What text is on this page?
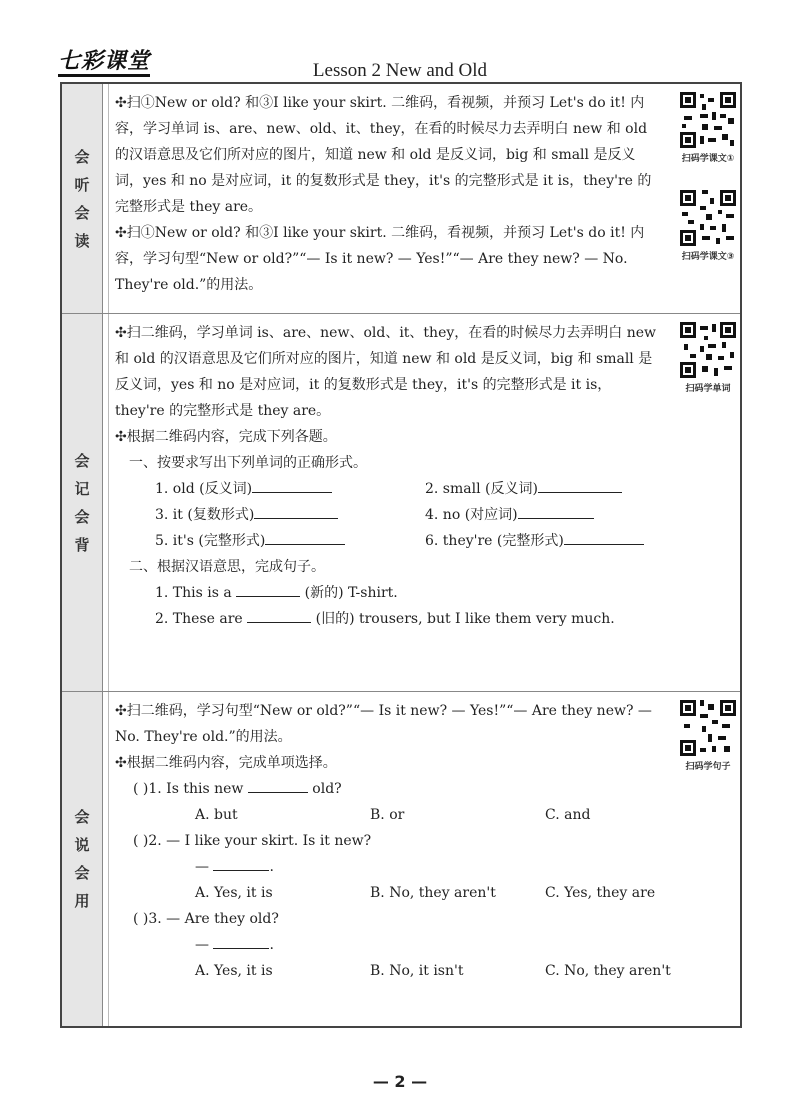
七彩课堂	Lesson 2 New and Old
会
听
会
读

✣扫①New or old? 和③I like your skirt. 二维码，看视频，并预习 Let's do it! 内容，学习单词 is、are、new、old、it、they，在看的时候尽力去弄明白 new 和 old 的汉语意思及它们所对应的图片，知道 new 和 old 是反义词，big 和 small 是反义词，yes 和 no 是对应词，it 的复数形式是 they，it's 的完整形式是 it is，they're 的完整形式是 they are。

✣扫①New or old? 和③I like your skirt. 二维码，看视频，并预习 Let's do it! 内容，学习句型“New or old?”“— Is it new? — Yes!”“— Are they new? — No. They're old.”的用法。

扫码学课文①
扫码学课文③
会
记
会
背

✣扫二维码，学习单词 is、are、new、old、it、they，在看的时候尽力去弄明白 new 和 old 的汉语意思及它们所对应的图片，知道 new 和 old 是反义词，big 和 small 是反义词，yes 和 no 是对应词，it 的复数形式是 they，it's 的完整形式是 it is，they're 的完整形式是 they are。

✣根据二维码内容，完成下列各题。

一、按要求写出下列单词的正确形式。

1. old (反义词)	2. small (反义词)
3. it (复数形式)	4. no (对应词)
5. it's (完整形式)	6. they're (完整形式)

二、根据汉语意思，完成句子。

1. This is a	(新的) T-shirt.

2. These are	(旧的) trousers, but I like them very much.

扫码学单词
会
说
会
用

✣扫二维码，学习句型“New or old?”“— Is it new? — Yes!”“— Are they new? — No. They're old.”的用法。

✣根据二维码内容，完成单项选择。

( )1. Is this new	old?

A. but	B. or	C. and

( )2. — I like your skirt. Is it new?

—	.

A. Yes, it is	B. No, they aren't	C. Yes, they are

( )3. — Are they old?

—	.

A. Yes, it is	B. No, it isn't	C. No, they aren't
扫码学句子
— 2 —
